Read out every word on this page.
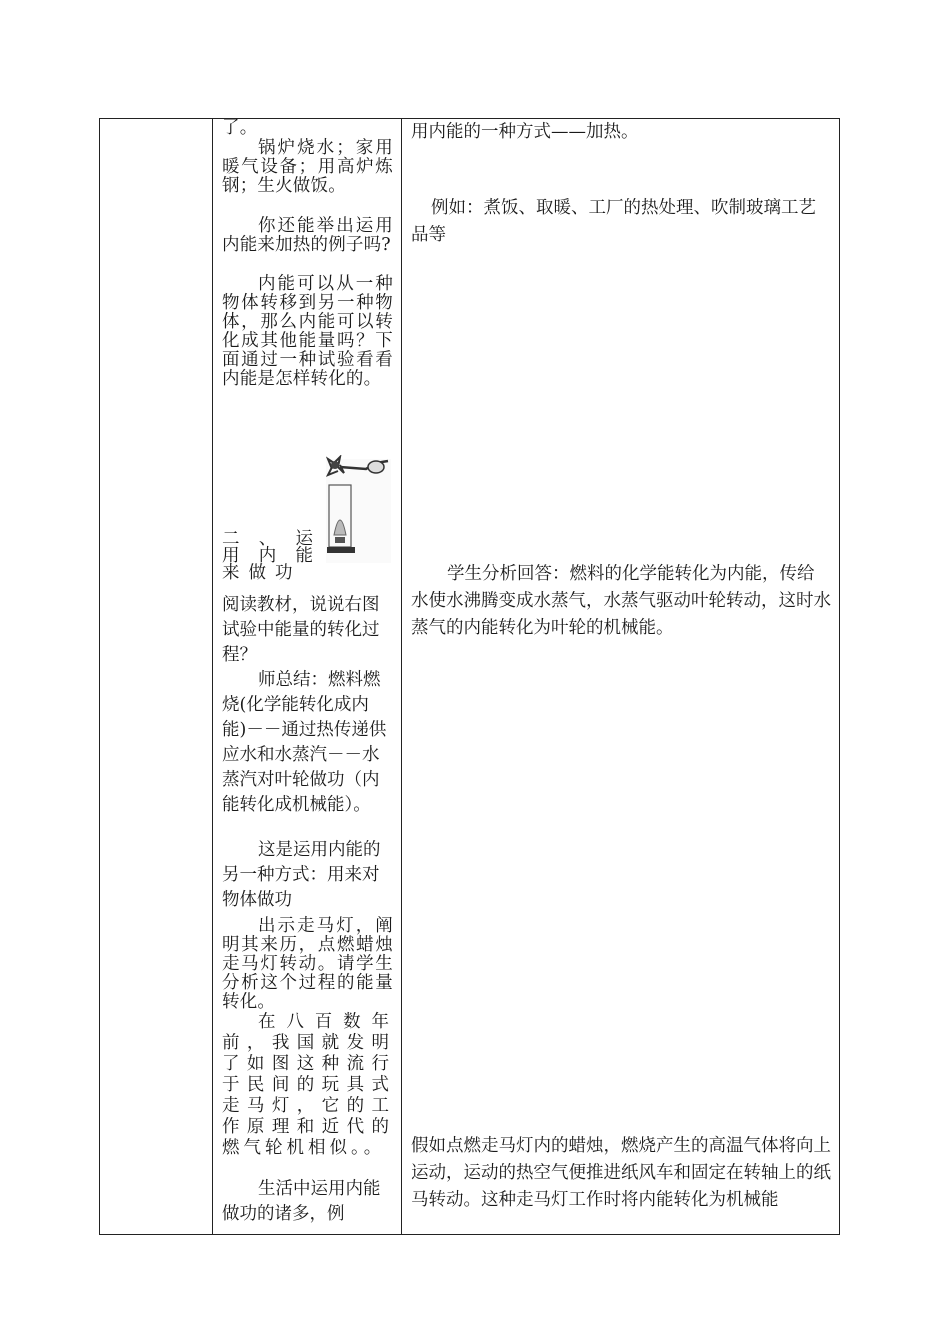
了。

锅炉烧水；家用暖气设备；用高炉炼钢；生火做饭。

你还能举出运用内能来加热的例子吗?

内能可以从一种物体转移到另一种物体，那么内能可以转化成其他能量吗？下面通过一种试验看看内能是怎样转化的。

二、运用内能来做功

阅读教材，说说右图试验中能量的转化过程？

师总结：燃料燃烧(化学能转化成内能)－－通过热传递供应水和水蒸汽－－水蒸汽对叶轮做功（内能转化成机械能）。

这是运用内能的另一种方式：用来对物体做功

出示走马灯，阐明其来历，点燃蜡烛走马灯转动。请学生分析这个过程的能量转化。

在八百数年前，我国就发明了如图这种流行于民间的玩具式走马灯，它的工作原理和近代的燃气轮机相似。。

生活中运用内能做功的诸多，例

用内能的一种方式——加热。

例如：煮饭、取暖、工厂的热处理、吹制玻璃工艺品等

学生分析回答：燃料的化学能转化为内能，传给水使水沸腾变成水蒸气，水蒸气驱动叶轮转动，这时水蒸气的内能转化为叶轮的机械能。

假如点燃走马灯内的蜡烛，燃烧产生的高温气体将向上运动，运动的热空气便推进纸风车和固定在转轴上的纸马转动。这种走马灯工作时将内能转化为机械能
